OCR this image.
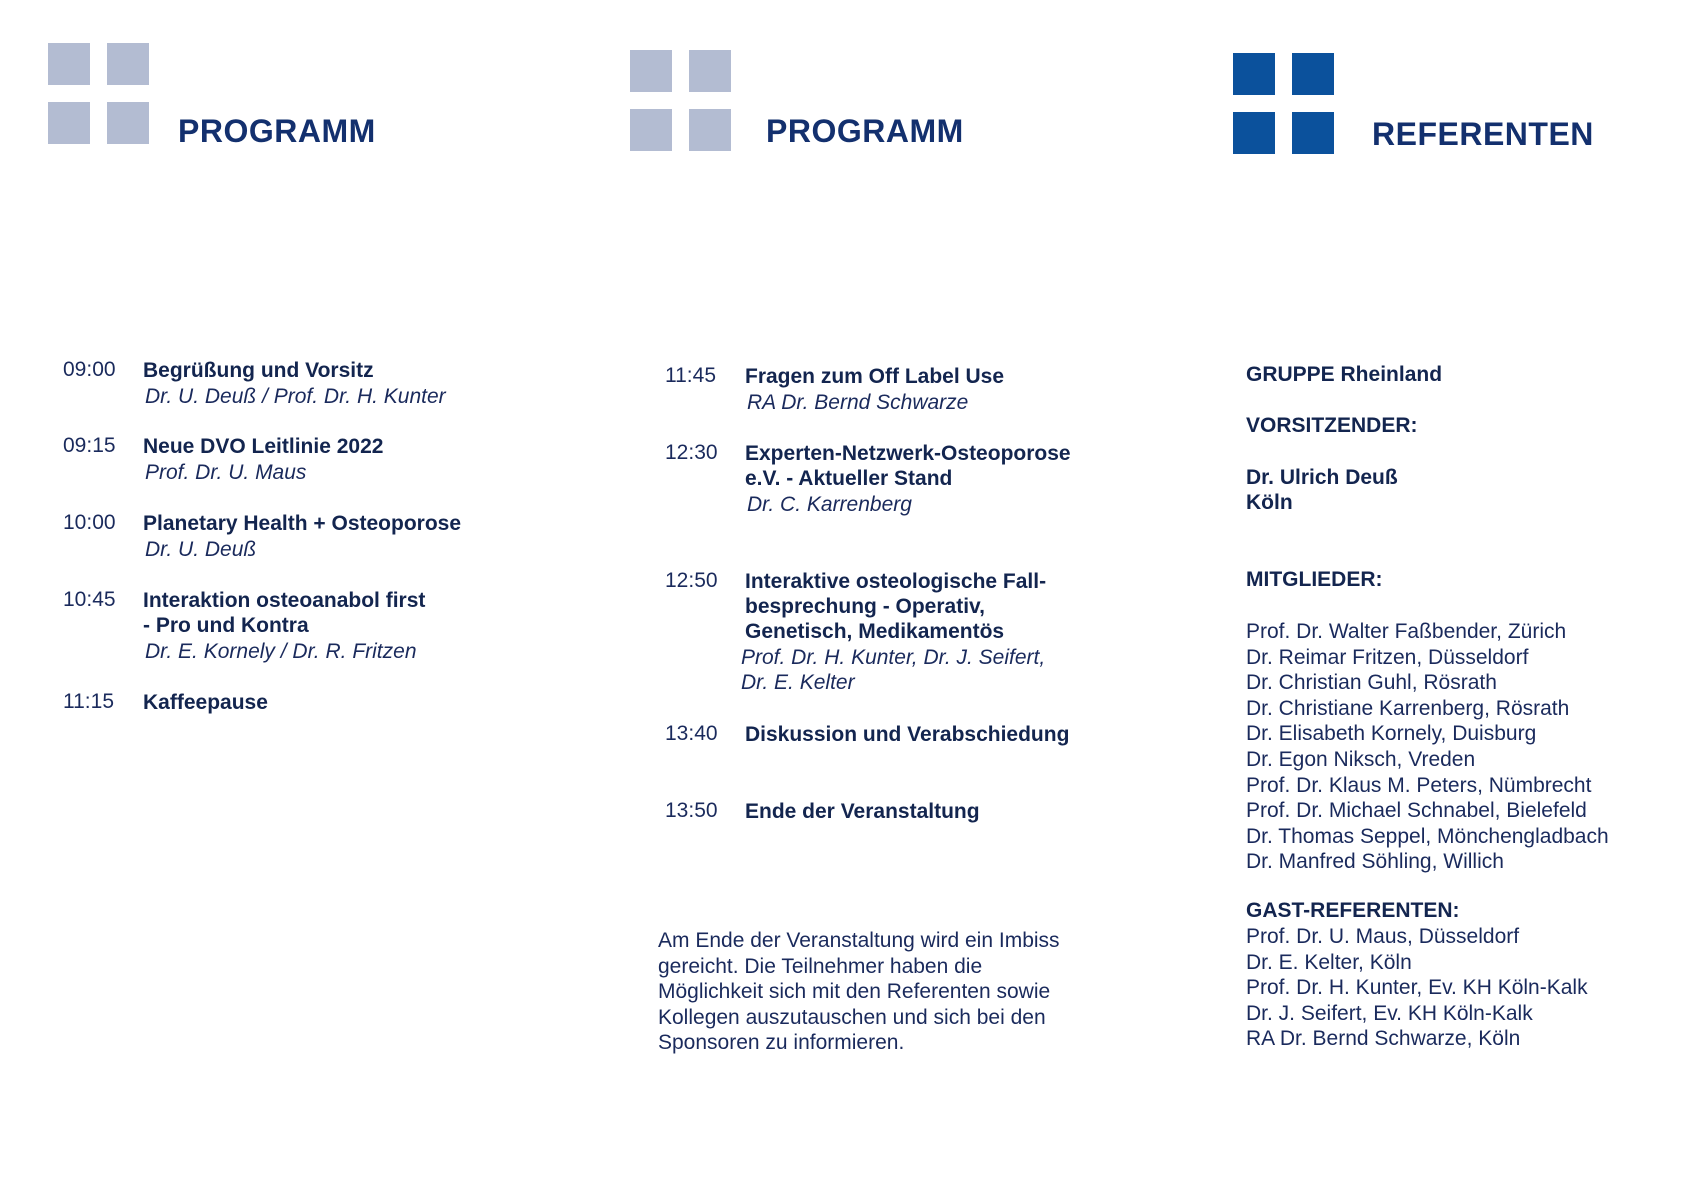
PROGRAMM
09:00 Begrüßung und Vorsitz
Dr. U. Deuß / Prof. Dr. H. Kunter
09:15 Neue DVO Leitlinie 2022
Prof. Dr. U. Maus
10:00 Planetary Health + Osteoporose
Dr. U. Deuß
10:45 Interaktion osteoanabol first
- Pro und Kontra
Dr. E. Kornely / Dr. R. Fritzen
11:15 Kaffeepause
PROGRAMM
11:45 Fragen zum Off Label Use
RA Dr. Bernd Schwarze
12:30 Experten-Netzwerk-Osteoporose
e.V. - Aktueller Stand
Dr. C. Karrenberg
12:50 Interaktive osteologische Fall-
besprechung - Operativ,
Genetisch, Medikamentös
Prof. Dr. H. Kunter, Dr. J. Seifert,
Dr. E. Kelter
13:40 Diskussion und Verabschiedung
13:50 Ende der Veranstaltung
Am Ende der Veranstaltung wird ein Imbiss
gereicht. Die Teilnehmer haben die
Möglichkeit sich mit den Referenten sowie
Kollegen auszutauschen und sich bei den
Sponsoren zu informieren.
REFERENTEN
GRUPPE Rheinland
VORSITZENDER:
Dr. Ulrich Deuß
Köln
MITGLIEDER:
Prof. Dr. Walter Faßbender, Zürich
Dr. Reimar Fritzen, Düsseldorf
Dr. Christian Guhl, Rösrath
Dr. Christiane Karrenberg, Rösrath
Dr. Elisabeth Kornely, Duisburg
Dr. Egon Niksch, Vreden
Prof. Dr. Klaus M. Peters, Nümbrecht
Prof. Dr. Michael Schnabel, Bielefeld
Dr. Thomas Seppel, Mönchengladbach
Dr. Manfred Söhling, Willich
GAST-REFERENTEN:
Prof. Dr. U. Maus, Düsseldorf
Dr. E. Kelter, Köln
Prof. Dr. H. Kunter, Ev. KH Köln-Kalk
Dr. J. Seifert, Ev. KH Köln-Kalk
RA Dr. Bernd Schwarze, Köln
